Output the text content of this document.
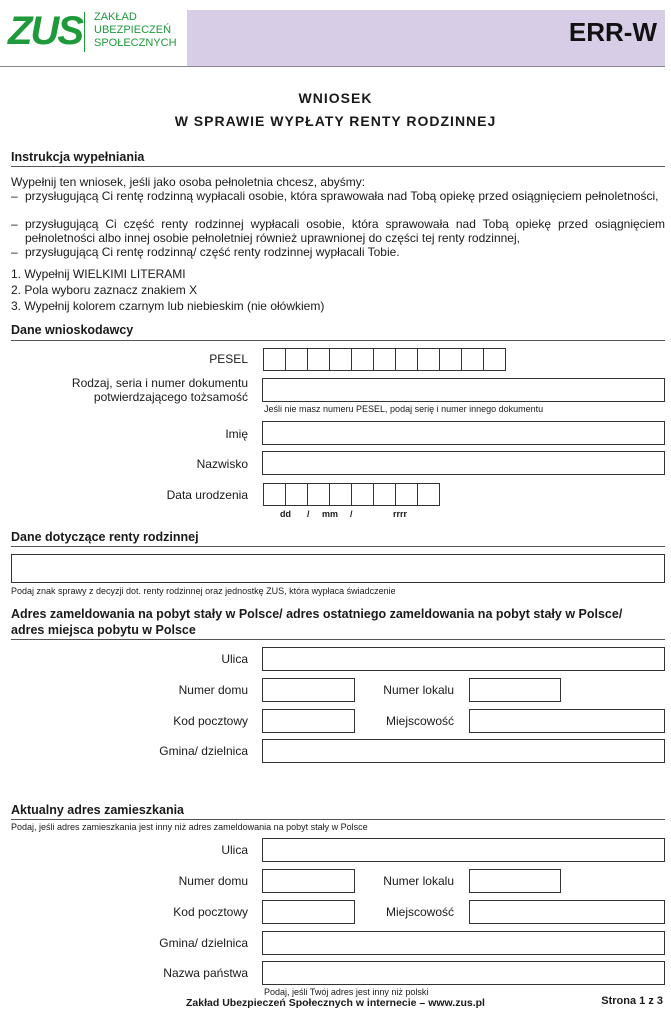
ZUS ZAKŁAD
UBEZPIECZEŃ
SPOŁECZNYCH	ERR-W
WNIOSEK
W SPRAWIE WYPŁATY RENTY RODZINNEJ
Instrukcja wypełniania
Wypełnij ten wniosek, jeśli jako osoba pełnoletnia chcesz, abyśmy:
– przysługującą Ci rentę rodzinną wypłacali osobie, która sprawowała nad Tobą opiekę przed osiągnięciem pełnoletności,
– przysługującą Ci część renty rodzinnej wypłacali osobie, która sprawowała nad Tobą opiekę przed osiągnięciem pełnoletności albo innej osobie pełnoletniej również uprawnionej do części tej renty rodzinnej,
– przysługującą Ci rentę rodzinną/ część renty rodzinnej wypłacali Tobie.
1. Wypełnij WIELKIMI LITERAMI
2. Pola wyboru zaznacz znakiem X
3. Wypełnij kolorem czarnym lub niebieskim (nie ołówkiem)
Dane wnioskodawcy
PESEL
Rodzaj, seria i numer dokumentu
potwierdzającego tożsamość
Jeśli nie masz numeru PESEL, podaj serię i numer innego dokumentu
Imię
Nazwisko
Data urodzenia
dd / mm /	rrrr
Dane dotyczące renty rodzinnej
Podaj znak sprawy z decyzji dot. renty rodzinnej oraz jednostkę ZUS, która wypłaca świadczenie
Adres zameldowania na pobyt stały w Polsce/ adres ostatniego zameldowania na pobyt stały w Polsce/
adres miejsca pobytu w Polsce
Ulica
Numer domu	Numer lokalu
Kod pocztowy	Miejscowość
Gmina/ dzielnica
Aktualny adres zamieszkania
Podaj, jeśli adres zamieszkania jest inny niż adres zameldowania na pobyt stały w Polsce
Ulica
Numer domu	Numer lokalu
Kod pocztowy	Miejscowość
Gmina/ dzielnica
Nazwa państwa
Podaj, jeśli Twój adres jest inny niż polski
Zakład Ubezpieczeń Społecznych w internecie – www.zus.pl	Strona 1 z 3
